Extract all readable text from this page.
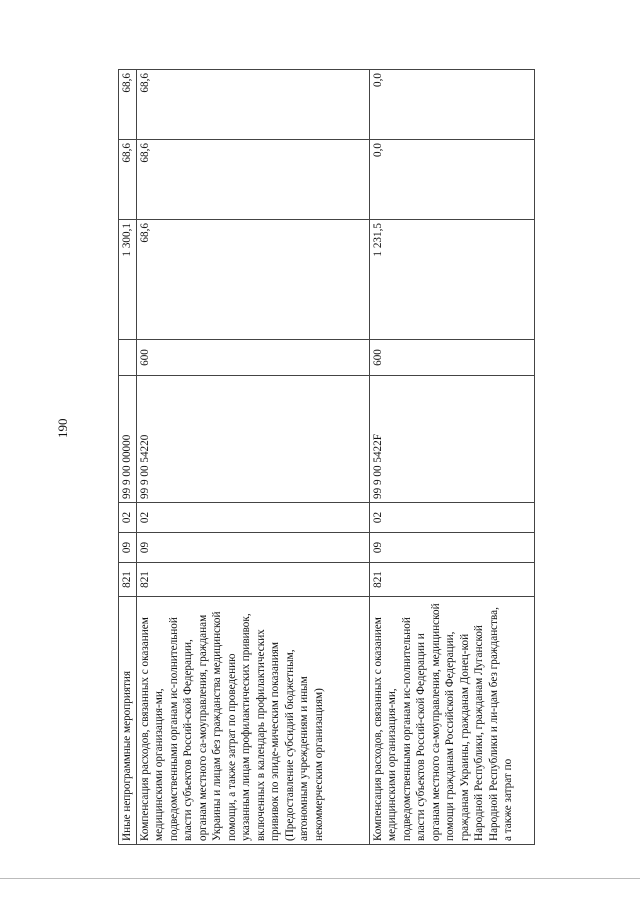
190
Иные непрограммные мероприятия	821	09	02	99 9 00 00000		1 300,1	68,6	68,6
Компенсация расходов, связанных с оказанием медицинскими организация-ми, подведомственными органам ис-полнительной власти субъектов Россий-ской Федерации, органам местного са-моуправления, гражданам Украины и лицам без гражданства медицинской помощи, а также затрат по проведению указанным лицам профилактических прививок, включенных в календарь профилактических прививок по эпиде-мическим показаниям (Предоставление субсидий бюджетным, автономным учреждениям и иным некоммерческим организациям)	821	09	02	99 9 00 54220	600	68,6	68,6	68,6
Компенсация расходов, связанных с оказанием медицинскими организация-ми, подведомственными органам ис-полнительной власти субъектов Россий-ской Федерации и органам местного са-моуправления, медицинской помощи гражданам Российской Федерации, гражданам Украины, гражданам Донец-кой Народной Республики, гражданам Луганской Народной Республики и ли-цам без гражданства, а также затрат по	821	09	02	99 9 00 5422F	600	1 231,5	0,0	0,0
